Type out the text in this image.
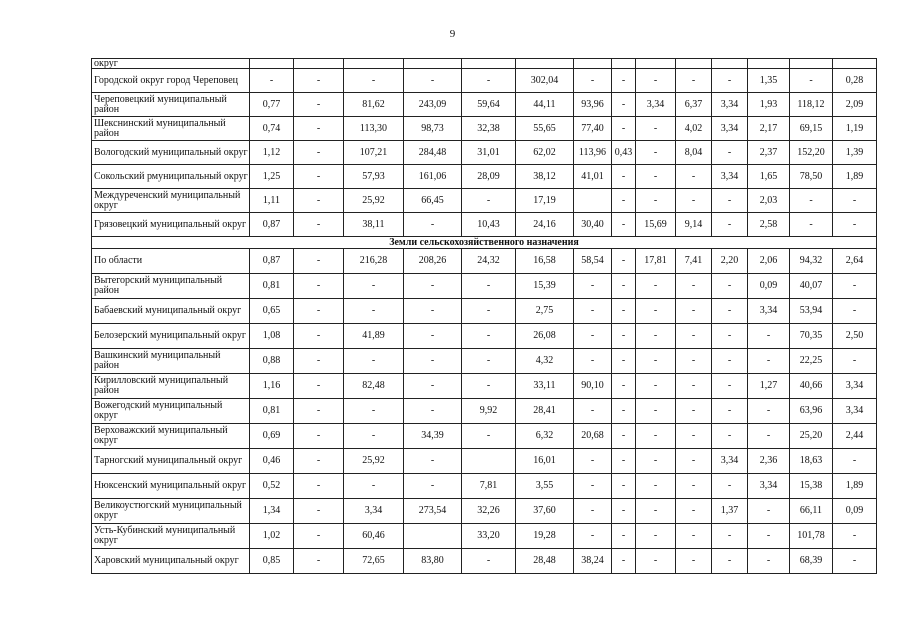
9
округ														
Городской округ город Череповец	-	-	-	-	-	302,04	-	-	-	-	-	1,35	-	0,28
Череповецкий муниципальный район	0,77	-	81,62	243,09	59,64	44,11	93,96	-	3,34	6,37	3,34	1,93	118,12	2,09
Шекснинский муниципальный район	0,74	-	113,30	98,73	32,38	55,65	77,40	-	-	4,02	3,34	2,17	69,15	1,19
Вологодский муниципальный округ	1,12	-	107,21	284,48	31,01	62,02	113,96	0,43	-	8,04	-	2,37	152,20	1,39
Сокольский рмуниципальный округ	1,25	-	57,93	161,06	28,09	38,12	41,01	-	-	-	3,34	1,65	78,50	1,89
Междуреченский муниципальный округ	1,11	-	25,92	66,45	-	17,19		-	-	-	-	2,03	-	-
Грязовецкий муниципальный округ	0,87	-	38,11	-	10,43	24,16	30,40	-	15,69	9,14	-	2,58	-	-
Земли сельскохозяйственного назначения														
По области	0,87	-	216,28	208,26	24,32	16,58	58,54	-	17,81	7,41	2,20	2,06	94,32	2,64
Вытегорский муниципальный район	0,81	-	-	-	-	15,39	-	-	-	-	-	0,09	40,07	-
Бабаевский муниципальный округ	0,65	-	-	-	-	2,75	-	-	-	-	-	3,34	53,94	-
Белозерский муниципальный округ	1,08	-	41,89	-	-	26,08	-	-	-	-	-	-	70,35	2,50
Вашкинский муниципальный район	0,88	-	-	-	-	4,32	-	-	-	-	-	-	22,25	-
Кирилловский муниципальный район	1,16	-	82,48	-	-	33,11	90,10	-	-	-	-	1,27	40,66	3,34
Вожегодский муниципальный округ	0,81	-	-	-	9,92	28,41	-	-	-	-	-	-	63,96	3,34
Верховажский муниципальный округ	0,69	-	-	34,39	-	6,32	20,68	-	-	-	-	-	25,20	2,44
Тарногский муниципальный округ	0,46	-	25,92	-		16,01	-	-	-	-	3,34	2,36	18,63	-
Нюксенский муниципальный округ	0,52	-	-	-	7,81	3,55	-	-	-	-	-	3,34	15,38	1,89
Великоустюгский муниципальный округ	1,34	-	3,34	273,54	32,26	37,60	-	-	-	-	1,37	-	66,11	0,09
Усть-Кубинский муниципальный округ	1,02	-	60,46		33,20	19,28	-	-	-	-	-	-	101,78	-
Харовский муниципальный округ	0,85	-	72,65	83,80	-	28,48	38,24	-	-	-	-	-	68,39	-
